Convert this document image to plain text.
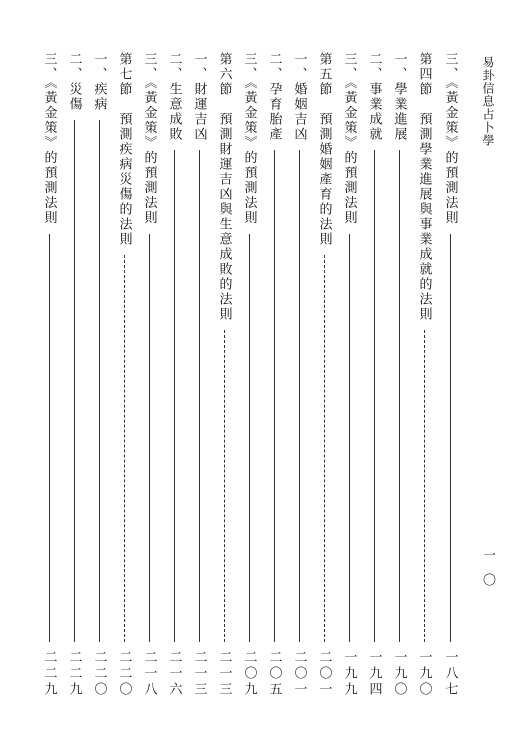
易卦信息占卜學
一〇
三、《黃金策》的預測法則
一八七
第四節　預測學業進展與事業成就的法則
一九〇
一、學業進展
一九〇
二、事業成就
一九四
三、《黃金策》的預測法則
一九九
第五節　預測婚姻產育的法則
二〇一
一、婚姻吉凶
二〇一
二、孕育胎產
二〇五
三、《黃金策》的預測法則
二〇九
第六節　預測財運吉凶與生意成敗的法則
二一三
一、財運吉凶
二一三
二、生意成敗
二一六
三、《黃金策》的預測法則
二一八
第七節　預測疾病災傷的法則
二二〇
一、疾病
二二〇
二、災傷
二二九
三、《黃金策》的預測法則
二二九
